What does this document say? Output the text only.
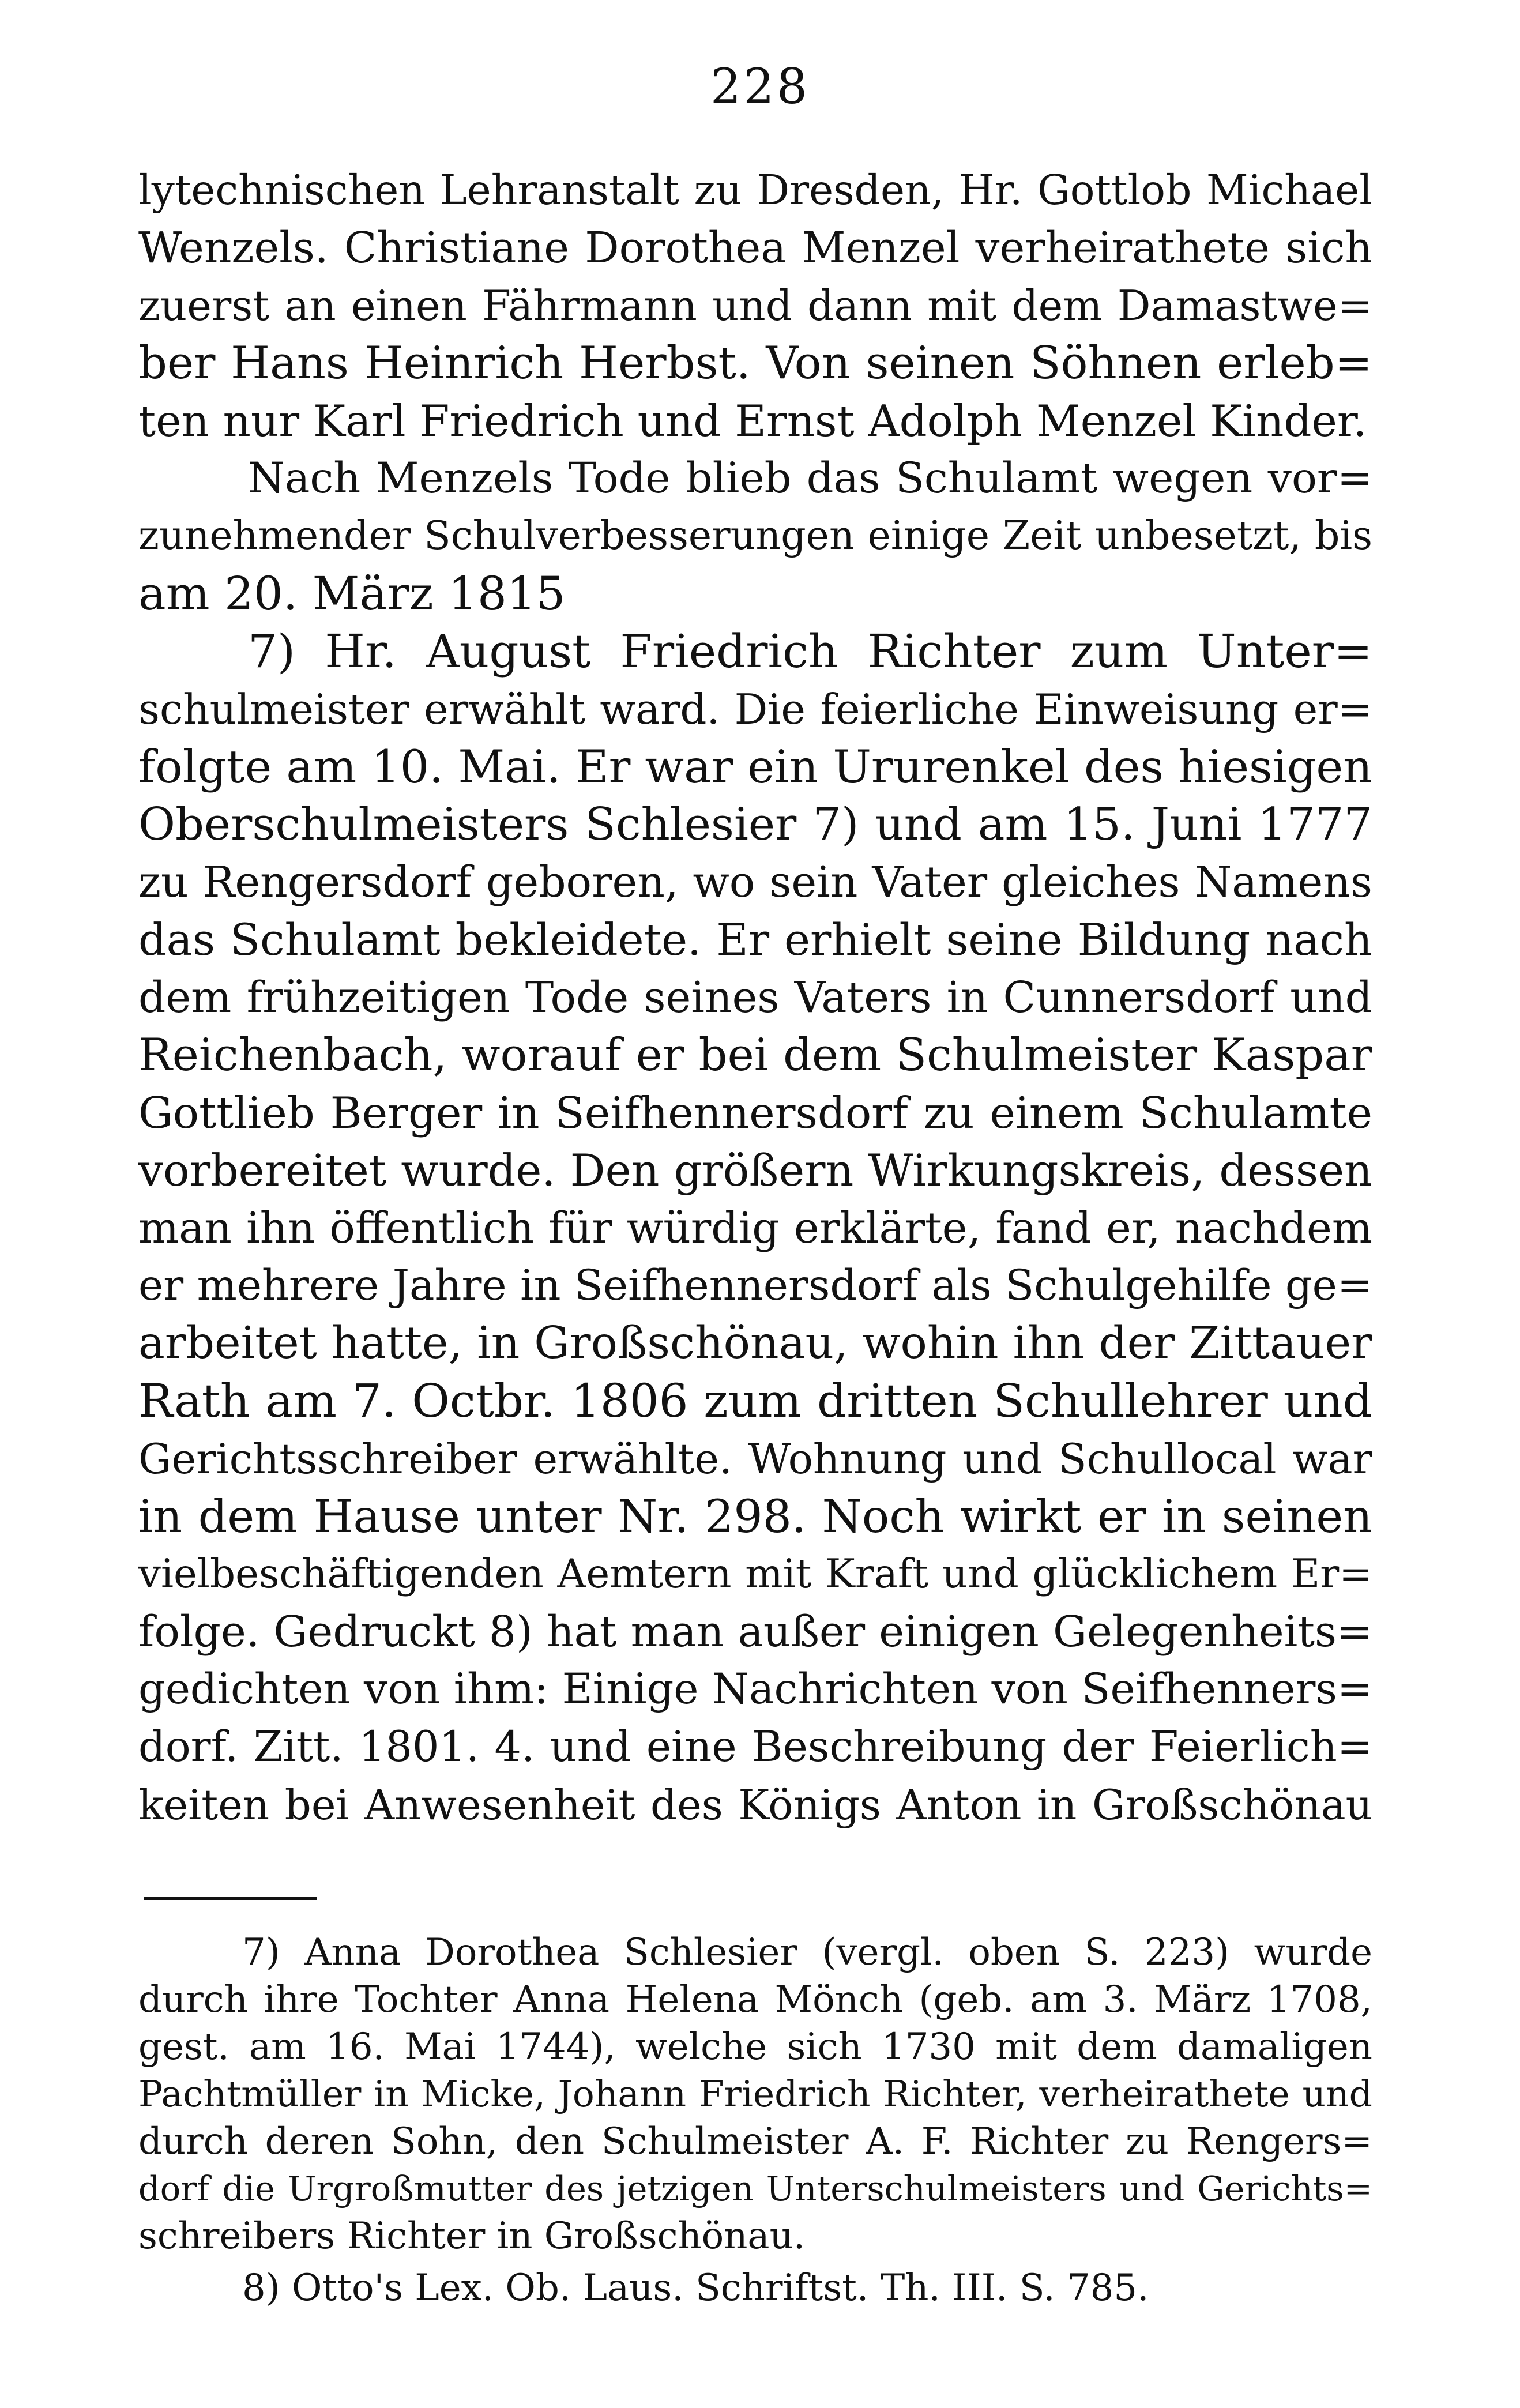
228
lytechnischen Lehranstalt zu Dresden, Hr. Gottlob Michael
Wenzels. Christiane Dorothea Menzel verheirathete sich
zuerst an einen Fährmann und dann mit dem Damastwe=
ber Hans Heinrich Herbst. Von seinen Söhnen erleb=
ten nur Karl Friedrich und Ernst Adolph Menzel Kinder.
Nach Menzels Tode blieb das Schulamt wegen vor=
zunehmender Schulverbesserungen einige Zeit unbesetzt, bis
am 20. März 1815
7) Hr. August Friedrich Richter zum Unter=
schulmeister erwählt ward. Die feierliche Einweisung er=
folgte am 10. Mai. Er war ein Ururenkel des hiesigen
Oberschulmeisters Schlesier 7) und am 15. Juni 1777
zu Rengersdorf geboren, wo sein Vater gleiches Namens
das Schulamt bekleidete. Er erhielt seine Bildung nach
dem frühzeitigen Tode seines Vaters in Cunnersdorf und
Reichenbach, worauf er bei dem Schulmeister Kaspar
Gottlieb Berger in Seifhennersdorf zu einem Schulamte
vorbereitet wurde. Den größern Wirkungskreis, dessen
man ihn öffentlich für würdig erklärte, fand er, nachdem
er mehrere Jahre in Seifhennersdorf als Schulgehilfe ge=
arbeitet hatte, in Großschönau, wohin ihn der Zittauer
Rath am 7. Octbr. 1806 zum dritten Schullehrer und
Gerichtsschreiber erwählte. Wohnung und Schullocal war
in dem Hause unter Nr. 298. Noch wirkt er in seinen
vielbeschäftigenden Aemtern mit Kraft und glücklichem Er=
folge. Gedruckt 8) hat man außer einigen Gelegenheits=
gedichten von ihm: Einige Nachrichten von Seifhenners=
dorf. Zitt. 1801. 4. und eine Beschreibung der Feierlich=
keiten bei Anwesenheit des Königs Anton in Großschönau
7) Anna Dorothea Schlesier (vergl. oben S. 223) wurde
durch ihre Tochter Anna Helena Mönch (geb. am 3. März 1708,
gest. am 16. Mai 1744), welche sich 1730 mit dem damaligen
Pachtmüller in Micke, Johann Friedrich Richter, verheirathete und
durch deren Sohn, den Schulmeister A. F. Richter zu Rengers=
dorf die Urgroßmutter des jetzigen Unterschulmeisters und Gerichts=
schreibers Richter in Großschönau.
8) Otto's Lex. Ob. Laus. Schriftst. Th. III. S. 785.
